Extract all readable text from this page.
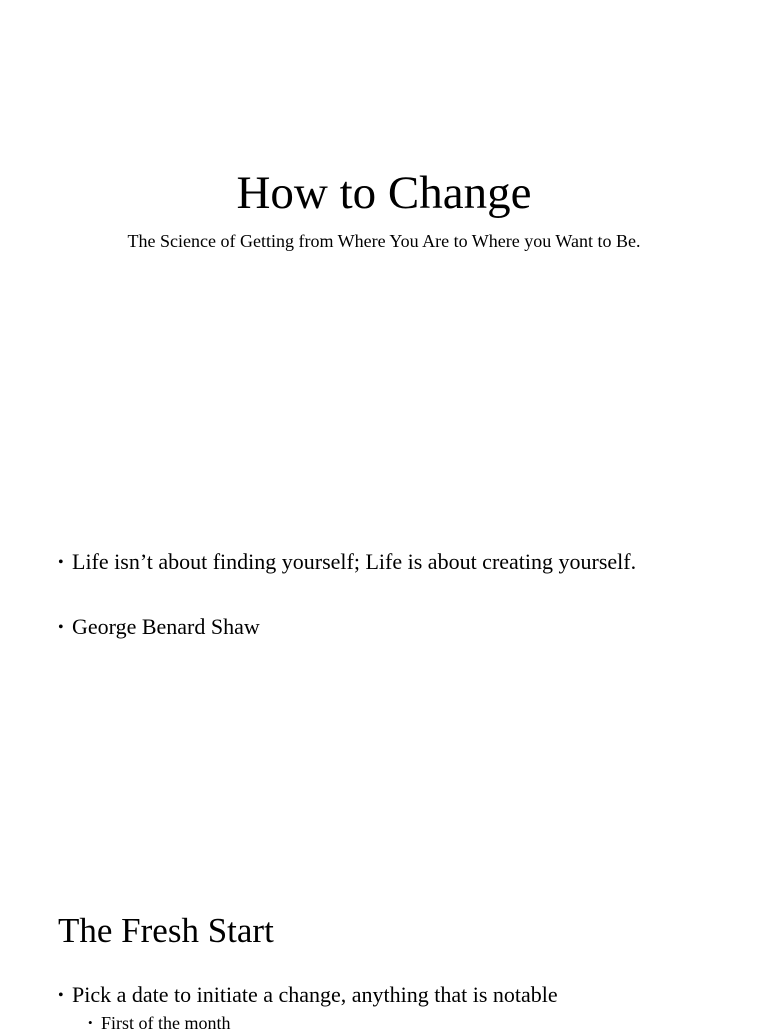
How to Change

The Science of Getting from Where You Are to Where you Want to Be.

• Life isn’t about finding yourself; Life is about creating yourself.
• George Benard Shaw
The Fresh Start
• Pick a date to initiate a change, anything that is notable
• First of the month
